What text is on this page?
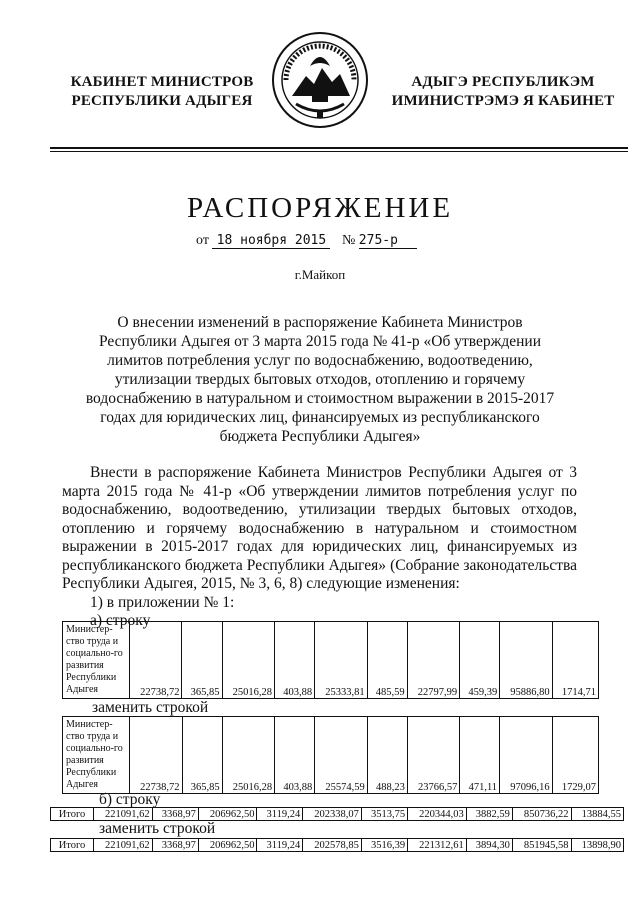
КАБИНЕТ МИНИСТРОВ
РЕСПУБЛИКИ АДЫГЕЯ
АДЫГЭ РЕСПУБЛИКЭМ
ИМИНИСТРЭМЭ Я КАБИНЕТ
РАСПОРЯЖЕНИЕ
от 18 ноября 2015 № 275-р
г.Майкоп
О внесении изменений в распоряжение Кабинета Министров
Республики Адыгея от 3 марта 2015 года № 41-р «Об утверждении
лимитов потребления услуг по водоснабжению, водоотведению,
утилизации твердых бытовых отходов, отоплению и горячему
водоснабжению в натуральном и стоимостном выражении в 2015-2017
годах для юридических лиц, финансируемых из республиканского
бюджета Республики Адыгея»
Внести в распоряжение Кабинета Министров Республики Адыгея от 3 марта 2015 года № 41-р «Об утверждении лимитов потребления услуг по водоснабжению, водоотведению, утилизации твердых бытовых отходов, отоплению и горячему водоснабжению в натуральном и стоимостном выражении в 2015-2017 годах для юридических лиц, финансируемых из республиканского бюджета Республики Адыгея» (Собрание законодательства Республики Адыгея, 2015, № 3, 6, 8) следующие изменения:
1) в приложении № 1:
а) строку
Министер-ство труда и социально-го развития Республики Адыгея	22738,72	365,85	25016,28	403,88	25333,81	485,59	22797,99	459,39	95886,80	1714,71
заменить строкой
Министер-ство труда и социально-го развития Республики Адыгея	22738,72	365,85	25016,28	403,88	25574,59	488,23	23766,57	471,11	97096,16	1729,07
б) строку
Итого	221091,62	3368,97	206962,50	3119,24	202338,07	3513,75	220344,03	3882,59	850736,22	13884,55
заменить строкой
Итого	221091,62	3368,97	206962,50	3119,24	202578,85	3516,39	221312,61	3894,30	851945,58	13898,90
